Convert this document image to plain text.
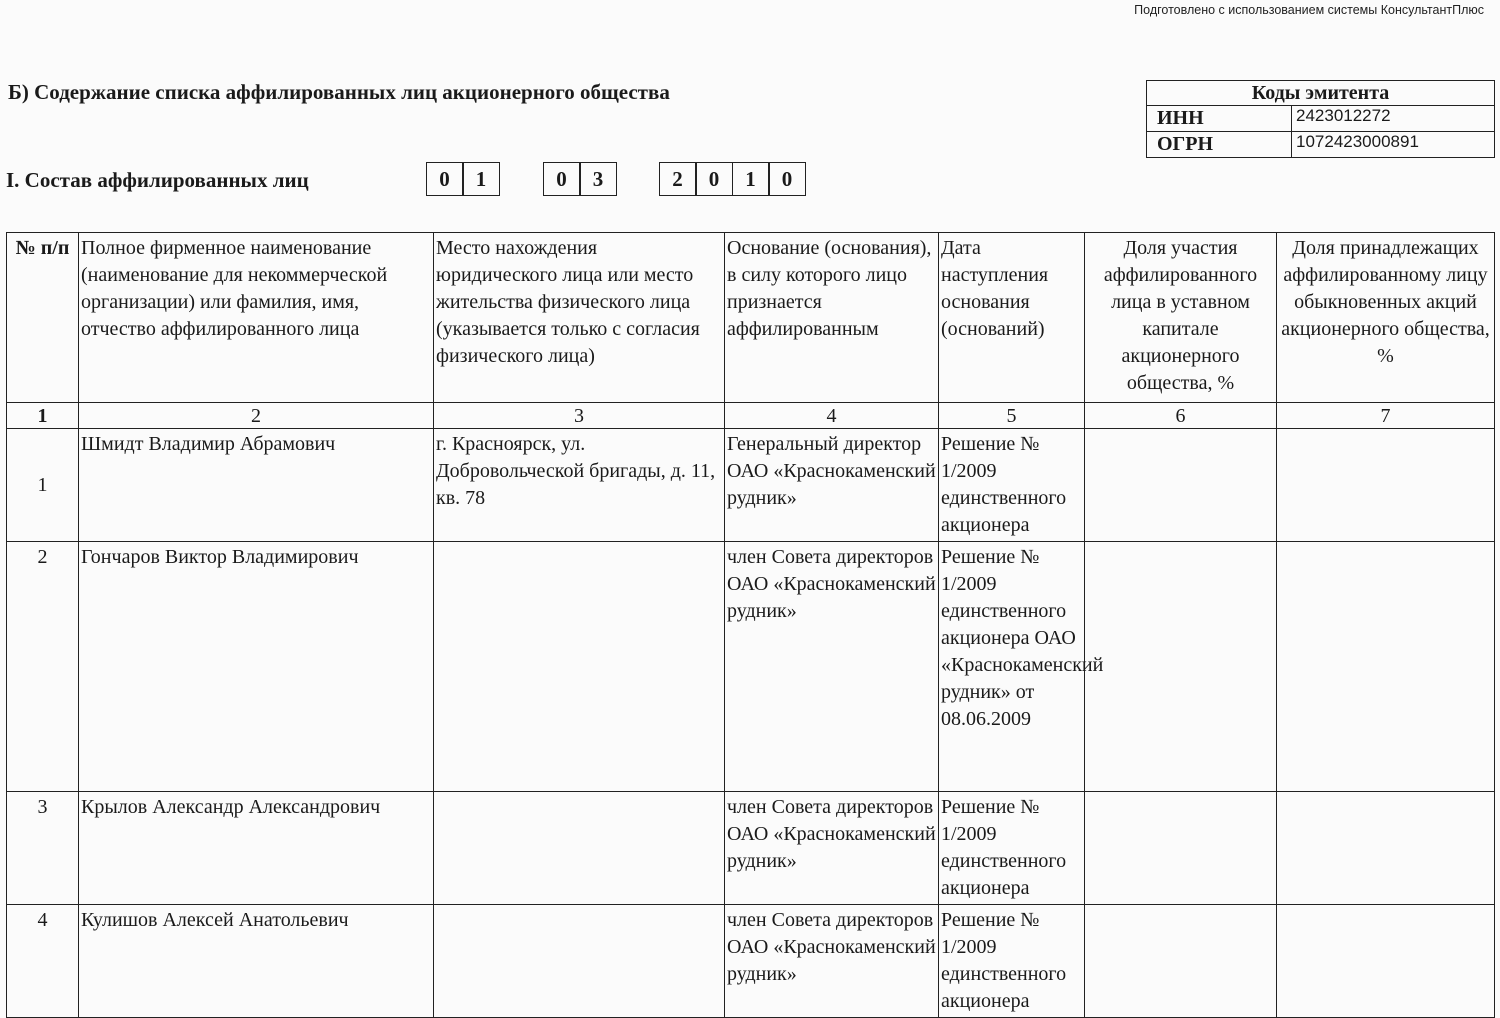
Подготовлено с использованием системы КонсультантПлюс
Б) Содержание списка аффилированных лиц акционерного общества	Коды эмитента	
ИНН	2423012272
ОГРН	1072423000891
I. Состав аффилированных лиц	0	1	0	3	2	0	1	0
№ п/п	Полное фирменное наименование (наименование для некоммерческой организации) или фамилия, имя, отчество аффилированного лица	Место нахождения юридического лица или место жительства физического лица (указывается только с согласия физического лица)	Основание (основания), в силу которого лицо признается аффилированным	Дата наступления основания (оснований)	Доля участия аффилированного лица в уставном капитале акционерного общества, %	Доля принадлежащих аффилированному лицу обыкновенных акций акционерного общества, %
1	2	3	4	5	6	7
1	Шмидт Владимир Абрамович	г. Красноярск, ул. Добровольческой бригады, д. 11, кв. 78	Генеральный директор ОАО «Краснокаменский рудник»	Решение № 1/2009 единственного акционера		
2	Гончаров Виктор Владимирович		член Совета директоров ОАО «Краснокаменский рудник»	Решение № 1/2009 единственного акционера ОАО «Краснокаменский рудник» от 08.06.2009		
3	Крылов Александр Александрович		член Совета директоров ОАО «Краснокаменский рудник»	Решение № 1/2009 единственного акционера		
4	Кулишов Алексей Анатольевич		член Совета директоров ОАО «Краснокаменский рудник»	Решение № 1/2009 единственного акционера		
